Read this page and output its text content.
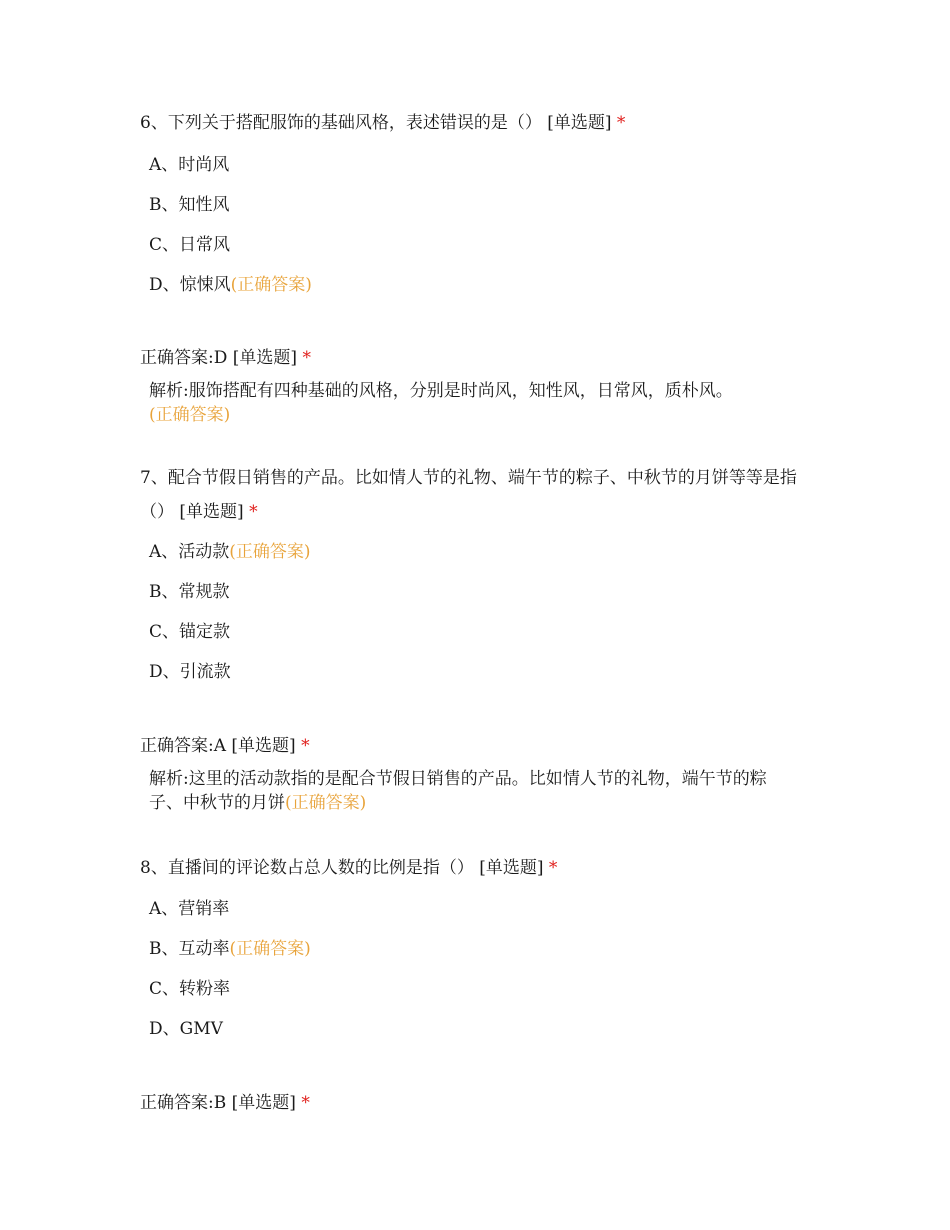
6、下列关于搭配服饰的基础风格，表述错误的是（） [单选题] *
A、时尚风
B、知性风
C、日常风
D、惊悚风(正确答案)
正确答案:D [单选题] *
解析:服饰搭配有四种基础的风格，分别是时尚风，知性风，日常风，质朴风。
(正确答案)
7、配合节假日销售的产品。比如情人节的礼物、端午节的粽子、中秋节的月饼等等是指（） [单选题] *
A、活动款(正确答案)
B、常规款
C、锚定款
D、引流款
正确答案:A [单选题] *
解析:这里的活动款指的是配合节假日销售的产品。比如情人节的礼物，端午节的粽子、中秋节的月饼(正确答案)
8、直播间的评论数占总人数的比例是指（） [单选题] *
A、营销率
B、互动率(正确答案)
C、转粉率
D、GMV
正确答案:B [单选题] *
